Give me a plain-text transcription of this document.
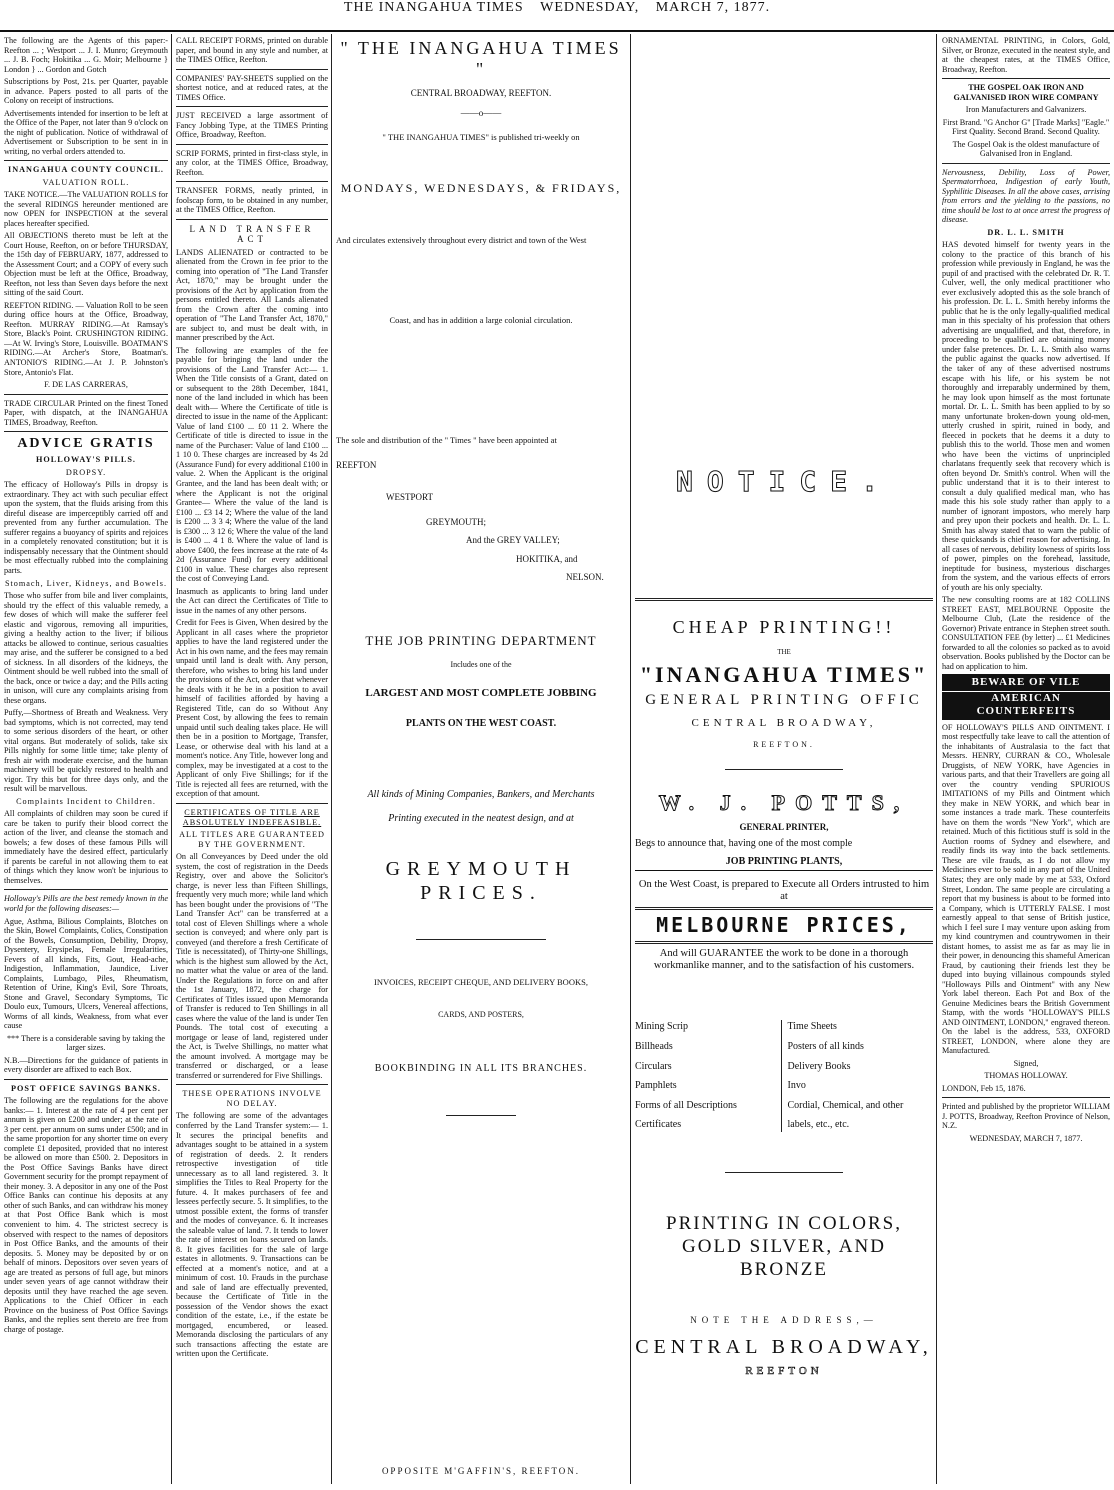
THE INANGAHUA TIMES WEDNESDAY, MARCH 7, 1877.

The following are the Agents of this paper:- Reefton ... ; Westport ... J. I. Munro; Greymouth ... J. B. Foch; Hokitika ... G. Moir; Melbourne } London } ... Gordon and Gotch

Subscriptions by Post, 21s. per Quarter, payable in advance. Papers posted to all parts of the Colony on receipt of instructions.

Advertisements intended for insertion to be left at the Office of the Paper, not later than 9 o'clock on the night of publication. Notice of withdrawal of Advertisement or Subscription to be sent in in writing, no verbal orders attended to.

INANGAHUA COUNTY COUNCIL.
VALUATION ROLL.

TAKE NOTICE.—The VALUATION ROLLS for the several RIDINGS hereunder mentioned are now OPEN for INSPECTION at the several places hereafter specified.

All OBJECTIONS thereto must be left at the Court House, Reefton, on or before THURSDAY, the 15th day of FEBRUARY, 1877, addressed to the Assessment Court; and a COPY of every such Objection must be left at the Office, Broadway, Reefton, not less than Seven days before the next sitting of the said Court.

REEFTON RIDING. — Valuation Roll to be seen during office hours at the Office, Broadway, Reefton. MURRAY RIDING.—At Ramsay's Store, Black's Point. CRUSHINGTON RIDING.—At W. Irving's Store, Louisville. BOATMAN'S RIDING.—At Archer's Store, Boatman's. ANTONIO'S RIDING.—At J. P. Johnston's Store, Antonio's Flat.

F. DE LAS CARRERAS,

TRADE CIRCULAR Printed on the finest Toned Paper, with dispatch, at the INANGAHUA TIMES, Broadway, Reefton.

ADVICE GRATIS
HOLLOWAY'S PILLS.
DROPSY.

The efficacy of Holloway's Pills in dropsy is extraordinary. They act with such peculiar effect upon the system, that the fluids arising from this direful disease are imperceptibly carried off and prevented from any further accumulation. The sufferer regains a buoyancy of spirits and rejoices in a completely renovated constitution; but it is indispensably necessary that the Ointment should be most effectually rubbed into the complaining parts.

Stomach, Liver, Kidneys, and Bowels.

Those who suffer from bile and liver complaints, should try the effect of this valuable remedy, a few doses of which will make the sufferer feel elastic and vigorous, removing all impurities, giving a healthy action to the liver; if bilious attacks be allowed to continue, serious casualties may arise, and the sufferer be consigned to a bed of sickness. In all disorders of the kidneys, the Ointment should be well rubbed into the small of the back, once or twice a day; and the Pills acting in unison, will cure any complaints arising from these organs.

Puffy,—Shortness of Breath and Weakness. Very bad symptoms, which is not corrected, may tend to some serious disorders of the heart, or other vital organs. But moderately of solids, take six Pills nightly for some little time; take plenty of fresh air with moderate exercise, and the human machinery will be quickly restored to health and vigor. Try this but for three days only, and the result will be marvellous.

Complaints Incident to Children.

All complaints of children may soon be cured if care be taken to purify their blood correct the action of the liver, and cleanse the stomach and bowels; a few doses of these famous Pills will immediately have the desired effect, particularly if parents be careful in not allowing them to eat of things which they know won't be injurious to themselves.

Holloway's Pills are the best remedy known in the world for the following diseases:—

Ague, Asthma, Bilious Complaints, Blotches on the Skin, Bowel Complaints, Colics, Constipation of the Bowels, Consumption, Debility, Dropsy, Dysentery, Erysipelas, Female Irregularities, Fevers of all kinds, Fits, Gout, Head-ache, Indigestion, Inflammation, Jaundice, Liver Complaints, Lumbago, Piles, Rheumatism, Retention of Urine, King's Evil, Sore Throats, Stone and Gravel, Secondary Symptoms, Tic Doulo eux, Tumours, Ulcers, Venereal affections, Worms of all kinds, Weakness, from what ever cause

*** There is a considerable saving by taking the larger sizes.

N.B.—Directions for the guidance of patients in every disorder are affixed to each Box.

POST OFFICE SAVINGS BANKS.

The following are the regulations for the above banks:— 1. Interest at the rate of 4 per cent per annum is given on £200 and under; at the rate of 3 per cent. per annum on sums under £500; and in the same proportion for any shorter time on every complete £1 deposited, provided that no interest be allowed on more than £500. 2. Depositors in the Post Office Savings Banks have direct Government security for the prompt repayment of their money. 3. A depositor in any one of the Post Office Banks can continue his deposits at any other of such Banks, and can withdraw his money at that Post Office Bank which is most convenient to him. 4. The strictest secrecy is observed with respect to the names of depositors in Post Office Banks, and the amounts of their deposits. 5. Money may be deposited by or on behalf of minors. Depositors over seven years of age are treated as persons of full age, but minors under seven years of age cannot withdraw their deposits until they have reached the age seven. Applications to the Chief Officer in each Province on the business of Post Office Savings Banks, and the replies sent thereto are free from charge of postage.

CALL RECEIPT FORMS, printed on durable paper, and bound in any style and number, at the TIMES Office, Reefton.

COMPANIES' PAY-SHEETS supplied on the shortest notice, and at reduced rates, at the TIMES Office.

JUST RECEIVED a large assortment of Fancy Jobbing Type, at the TIMES Printing Office, Broadway, Reefton.

SCRIP FORMS, printed in first-class style, in any color, at the TIMES Office, Broadway, Reefton.

TRANSFER FORMS, neatly printed, in foolscap form, to be obtained in any number, at the TIMES Office, Reefton.

LAND TRANSFER ACT

LANDS ALIENATED or contracted to be alienated from the Crown in fee prior to the coming into operation of "The Land Transfer Act, 1870," may be brought under the provisions of the Act by application from the persons entitled thereto. All Lands alienated from the Crown after the coming into operation of "The Land Transfer Act, 1870," are subject to, and must be dealt with, in manner prescribed by the Act.

The following are examples of the fee payable for bringing the land under the provisions of the Land Transfer Act:— 1. When the Title consists of a Grant, dated on or subsequent to the 28th December, 1841, none of the land included in which has been dealt with— Where the Certificate of title is directed to issue in the name of the Applicant: Value of land £100 ... £0 11 2. Where the Certificate of title is directed to issue in the name of the Purchaser: Value of land £100 ... 1 10 0. These charges are increased by 4s 2d (Assurance Fund) for every additional £100 in value. 2. When the Applicant is the original Grantee, and the land has been dealt with; or where the Applicant is not the original Grantee— Where the value of the land is £100 ... £3 14 2; Where the value of the land is £200 ... 3 3 4; Where the value of the land is £300 ... 3 12 6; Where the value of the land is £400 ... 4 1 8. Where the value of land is above £400, the fees increase at the rate of 4s 2d (Assurance Fund) for every additional £100 in value. These charges also represent the cost of Conveying Land.

Inasmuch as applicants to bring land under the Act can direct the Certificates of Title to issue in the names of any other persons.

Credit for Fees is Given, When desired by the Applicant in all cases where the proprietor applies to have the land registered under the Act in his own name, and the fees may remain unpaid until land is dealt with. Any person, therefore, who wishes to bring his land under the provisions of the Act, order that whenever he deals with it he be in a position to avail himself of facilities afforded by having a Registered Title, can do so Without Any Present Cost, by allowing the fees to remain unpaid until such dealing takes place. He will then be in a position to Mortgage, Transfer, Lease, or otherwise deal with his land at a moment's notice. Any Title, however long and complex, may be investigated at a cost to the Applicant of only Five Shillings; for if the Title is rejected all fees are returned, with the exception of that amount.

CERTIFICATES OF TITLE ARE ABSOLUTELY INDEFEASIBLE.
ALL TITLES ARE GUARANTEED BY THE GOVERNMENT.

On all Conveyances by Deed under the old system, the cost of registration in the Deeds Registry, over and above the Solicitor's charge, is never less than Fifteen Shillings, frequently very much more; while land which has been bought under the provisions of "The Land Transfer Act" can be transferred at a total cost of Eleven Shillings where a whole section is conveyed; and where only part is conveyed (and therefore a fresh Certificate of Title is necessitated), of Thirty-one Shillings, which is the highest sum allowed by the Act, no matter what the value or area of the land. Under the Regulations in force on and after the 1st January, 1872, the charge for Certificates of Titles issued upon Memoranda of Transfer is reduced to Ten Shillings in all cases where the value of the land is under Ten Pounds. The total cost of executing a mortgage or lease of land, registered under the Act, is Twelve Shillings, no matter what the amount involved. A mortgage may be transferred or discharged, or a lease transferred or surrendered for Five Shillings.

THESE OPERATIONS INVOLVE NO DELAY.

The following are some of the advantages conferred by the Land Transfer system:— 1. It secures the principal benefits and advantages sought to be attained in a system of registration of deeds. 2. It renders retrospective investigation of title unnecessary as to all land registered. 3. It simplifies the Titles to Real Property for the future. 4. It makes purchasers of fee and lessees perfectly secure. 5. It simplifies, to the utmost possible extent, the forms of transfer and the modes of conveyance. 6. It increases the saleable value of land. 7. It tends to lower the rate of interest on loans secured on lands. 8. It gives facilities for the sale of large estates in allotments. 9. Transactions can be effected at a moment's notice, and at a minimum of cost. 10. Frauds in the purchase and sale of land are effectually prevented, because the Certificate of Title in the possession of the Vendor shows the exact condition of the estate, i.e., if the estate be mortgaged, encumbered, or leased. Memoranda disclosing the particulars of any such transactions affecting the estate are written upon the Certificate.

" THE INANGAHUA TIMES "
CENTRAL BROADWAY, REEFTON.
——o——

" THE INANGAHUA TIMES" is published tri-weekly on

MONDAYS, WEDNESDAYS, & FRIDAYS,

And circulates extensively throughout every district and town of the West

Coast, and has in addition a large colonial circulation.

The sole and distribution of the " Times " have been appointed at

REEFTON
WESTPORT
GREYMOUTH;
And the GREY VALLEY;
HOKITIKA, and
NELSON.
THE JOB PRINTING DEPARTMENT
Includes one of the
LARGEST AND MOST COMPLETE JOBBING
PLANTS ON THE WEST COAST.
All kinds of Mining Companies, Bankers, and Merchants
Printing executed in the neatest design, and at
GREYMOUTH PRICES.
INVOICES, RECEIPT CHEQUE, AND DELIVERY BOOKS,
CARDS, AND POSTERS,
BOOKBINDING IN ALL ITS BRANCHES.
OPPOSITE M'GAFFIN'S, REEFTON.
NOTICE.
CHEAP PRINTING!!
THE
"INANGAHUA TIMES"
GENERAL PRINTING OFFIC
CENTRAL BROADWAY,
REEFTON.
W. J. POTTS,
GENERAL PRINTER,

Begs to announce that, having one of the most comple

JOB PRINTING PLANTS,

On the West Coast, is prepared to Execute all Orders intrusted to him at

MELBOURNE PRICES,

And will GUARANTEE the work to be done in a thorough workmanlike manner, and to the satisfaction of his customers.

Mining Scrip
Billheads
Circulars
Pamphlets
Forms of all Descriptions
Certificates
Time Sheets
Posters of all kinds
Delivery Books
Invo
Cordial, Chemical, and other
labels, etc., etc.
PRINTING IN COLORS, GOLD SILVER, AND BRONZE
NOTE THE ADDRESS,—
CENTRAL BROADWAY,
REEFTON

ORNAMENTAL PRINTING, in Colors, Gold, Silver, or Bronze, executed in the neatest style, and at the cheapest rates, at the TIMES Office, Broadway, Reefton.

THE GOSPEL OAK IRON AND GALVANISED IRON WIRE COMPANY

Iron Manufacturers and Galvanizers.

First Brand. "G Anchor G" [Trade Marks] "Eagle." First Quality. Second Brand. Second Quality.

The Gospel Oak is the oldest manufacture of Galvanised Iron in England.

Nervousness, Debility, Loss of Power, Spermatorrhoea, Indigestion of early Youth, Syphilitic Diseases. In all the above cases, arrising from errors and the yielding to the passions, no time should be lost to at once arrest the progress of disease.

DR. L. L. SMITH

HAS devoted himself for twenty years in the colony to the practice of this branch of his profession while previously in England, he was the pupil of and practised with the celebrated Dr. R. T. Culver, well, the only medical practitioner who ever exclusively adopted this as the sole branch of his profession. Dr. L. L. Smith hereby informs the public that he is the only legally-qualified medical man in this specialty of his profession that others advertising are unqualified, and that, therefore, in proceeding to be qualified are obtaining money under false pretences. Dr. L. L. Smith also warns the public against the quacks now advertised. If the taker of any of these advertised nostrums escape with his life, or his system be not thoroughly and irreparably undermined by them, he may look upon himself as the most fortunate mortal. Dr. L. L. Smith has been applied to by so many unfortunate broken-down young old-men, utterly crushed in spirit, ruined in body, and fleeced in pockets that he deems it a duty to publish this to the world. Those men and women who have been the victims of unprincipled charlatans frequently seek that recovery which is often beyond Dr. Smith's control. When will the public understand that it is to their interest to consult a duly qualified medical man, who has made this his sole study rather than apply to a number of ignorant impostors, who merely harp and prey upon their pockets and health. Dr. L. L. Smith has alway stated that to warn the public of these quicksands is chief reason for advertising. In all cases of nervous, debility lowness of spirits loss of power, pimples on the forehead, lassitude, ineptitude for business, mysterious discharges from the system, and the various effects of errors of youth are his only specialty.

The new consulting rooms are at 182 COLLINS STREET EAST, MELBOURNE Opposite the Melbourne Club, (Late the residence of the Governor) Private entrance in Stephen street south. CONSULTATION FEE (by letter) ... £1 Medicines forwarded to all the colonies so packed as to avoid observation. Books published by the Doctor can be had on application to him.

BEWARE OF VILE
AMERICAN COUNTERFEITS

OF HOLLOWAY'S PILLS AND OINTMENT. I most respectfully take leave to call the attention of the inhabitants of Australasia to the fact that Messrs. HENRY, CURRAN & CO., Wholesale Druggists, of NEW YORK, have Agencies in various parts, and that their Travellers are going all over the country vending SPURIOUS IMITATIONS of my Pills and Ointment which they make in NEW YORK, and which bear in some instances a trade mark. These counterfeits have on them the words "New York", which are retained. Much of this fictitious stuff is sold in the Auction rooms of Sydney and elsewhere, and readily finds its way into the back settlements. These are vile frauds, as I do not allow my Medicines ever to be sold in any part of the United States; they are only made by me at 533, Oxford Street, London. The same people are circulating a report that my business is about to be formed into a Company, which is UTTERLY FALSE. I most earnestly appeal to that sense of British justice, which I feel sure I may venture upon asking from my kind countrymen and countrywomen in their distant homes, to assist me as far as may lie in their power, in denouncing this shameful American Fraud, by cautioning their friends lest they be duped into buying villainous compounds styled "Holloways Pills and Ointment" with any New York label thereon. Each Pot and Box of the Genuine Medicines bears the British Government Stamp, with the words "HOLLOWAY'S PILLS AND OINTMENT, LONDON," engraved thereon. On the label is the address, 533, OXFORD STREET, LONDON, where alone they are Manufactured.

Signed,

THOMAS HOLLOWAY.

LONDON, Feb 15, 1876.

Printed and published by the proprietor WILLIAM J. POTTS, Broadway, Reefton Province of Nelson, N.Z.

WEDNESDAY, MARCH 7, 1877.
